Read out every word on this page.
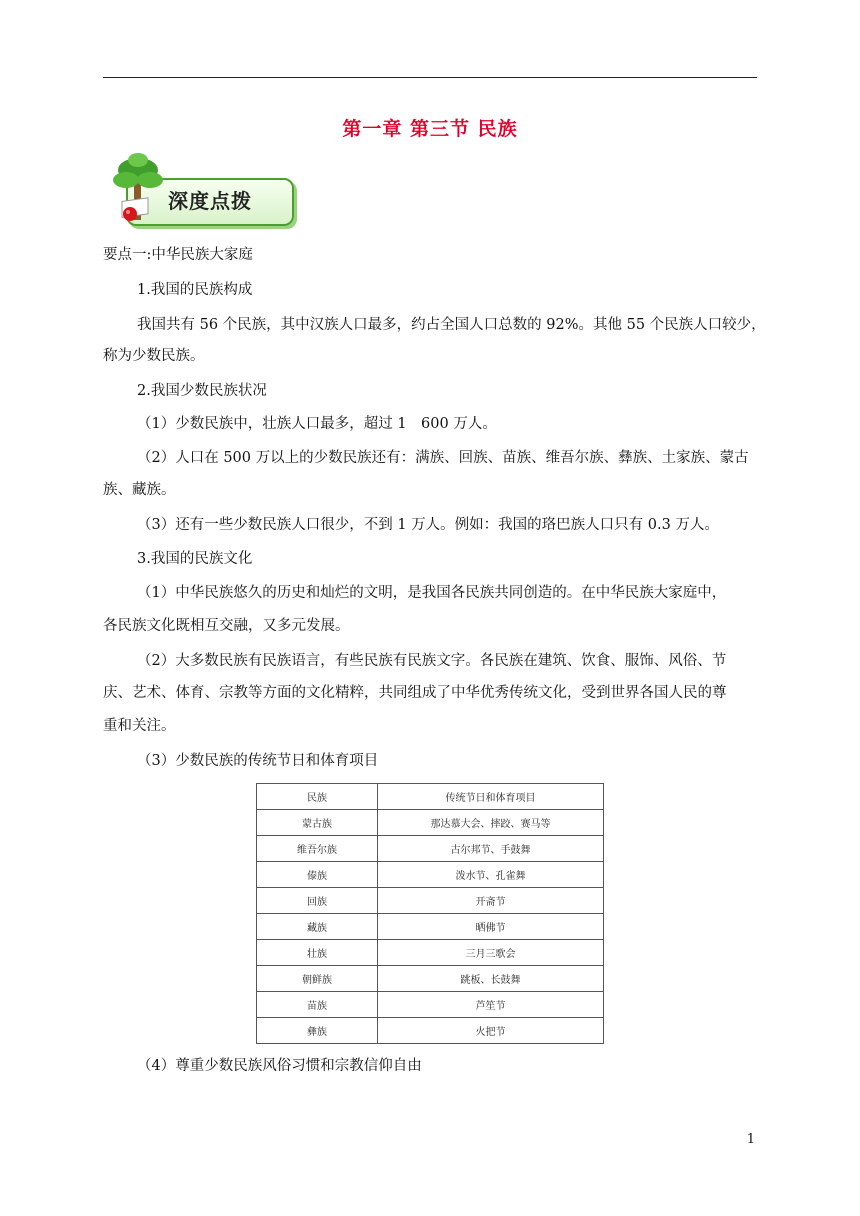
第一章 第三节 民族
深度点拨
要点一:中华民族大家庭
1.我国的民族构成
我国共有 56 个民族，其中汉族人口最多，约占全国人口总数的 92%。其他 55 个民族人口较少，
称为少数民族。
2.我国少数民族状况
（1）少数民族中，壮族人口最多，超过 1　600 万人。
（2）人口在 500 万以上的少数民族还有：满族、回族、苗族、维吾尔族、彝族、土家族、蒙古
族、藏族。
（3）还有一些少数民族人口很少，不到 1 万人。例如：我国的珞巴族人口只有 0.3 万人。
3.我国的民族文化
（1）中华民族悠久的历史和灿烂的文明，是我国各民族共同创造的。在中华民族大家庭中，
各民族文化既相互交融，又多元发展。
（2）大多数民族有民族语言，有些民族有民族文字。各民族在建筑、饮食、服饰、风俗、节
庆、艺术、体育、宗教等方面的文化精粹，共同组成了中华优秀传统文化，受到世界各国人民的尊
重和关注。
（3）少数民族的传统节日和体育项目
民族	传统节日和体育项目
蒙古族	那达慕大会、摔跤、赛马等
维吾尔族	古尔邦节、手鼓舞
傣族	泼水节、孔雀舞
回族	开斋节
藏族	晒佛节
壮族	三月三歌会
朝鲜族	跳板、长鼓舞
苗族	芦笙节
彝族	火把节
（4）尊重少数民族风俗习惯和宗教信仰自由
1
